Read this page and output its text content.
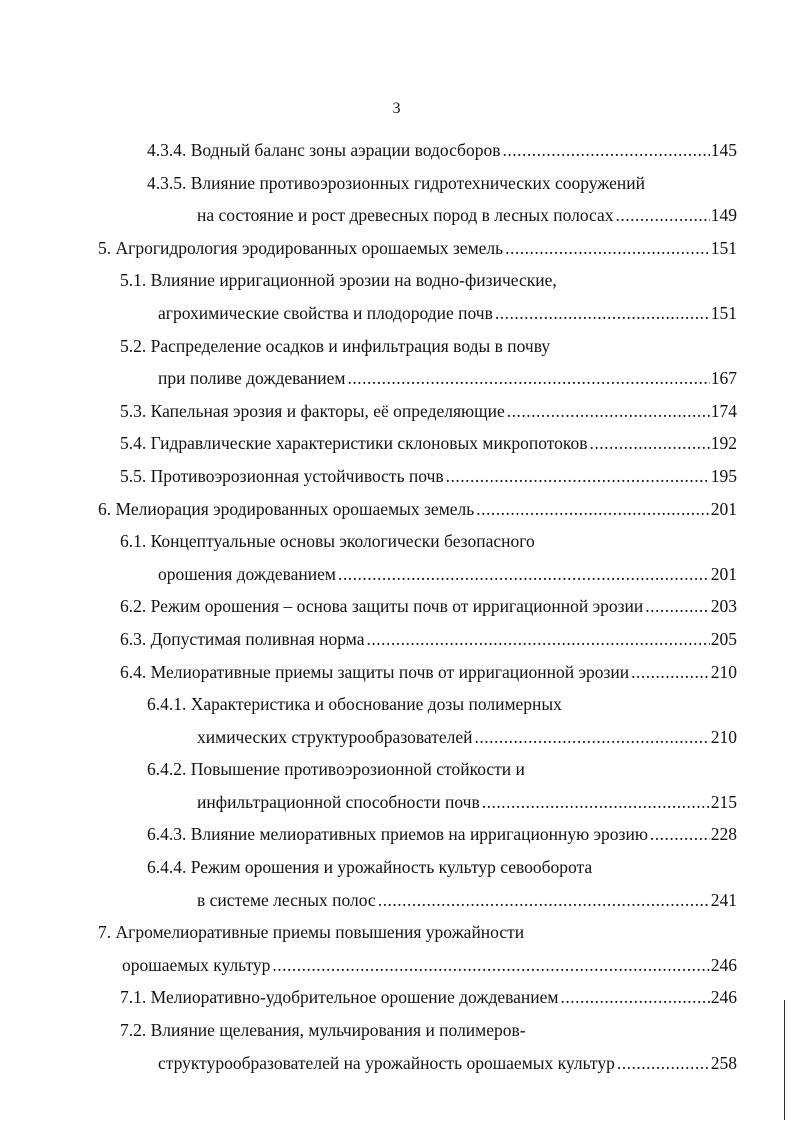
3
4.3.4. Водный баланс зоны аэрации водосборов .....	145
4.3.5. Влияние противоэрозионных гидротехнических сооружений
на состояние и рост древесных пород в лесных полосах .....	149
5. Агрогидрология эродированных орошаемых земель .....	151
5.1. Влияние ирригационной эрозии на водно-физические,
агрохимические свойства и плодородие почв .....	151
5.2. Распределение осадков и инфильтрация воды в почву
при поливе дождеванием .....	167
5.3. Капельная эрозия и факторы, её определяющие .....	174
5.4. Гидравлические характеристики склоновых микропотоков .....	192
5.5. Противоэрозионная устойчивость почв .....	195
6. Мелиорация эродированных орошаемых земель .....	201
6.1. Концептуальные основы экологически безопасного
орошения дождеванием .....	201
6.2. Режим орошения – основа защиты почв от ирригационной эрозии .....	203
6.3. Допустимая поливная норма .....	205
6.4. Мелиоративные приемы защиты почв от ирригационной эрозии .....	210
6.4.1. Характеристика и обоснование дозы полимерных
химических структурообразователей .....	210
6.4.2. Повышение противоэрозионной стойкости и
инфильтрационной способности почв .....	215
6.4.3. Влияние мелиоративных приемов на ирригационную эрозию .....	228
6.4.4. Режим орошения и урожайность культур севооборота
в системе лесных полос .....	241
7. Агромелиоративные приемы повышения урожайности
орошаемых культур .....	246
7.1. Мелиоративно-удобрительное орошение дождеванием .....	246
7.2. Влияние щелевания, мульчирования и полимеров-
структурообразователей на урожайность орошаемых культур .....	258
